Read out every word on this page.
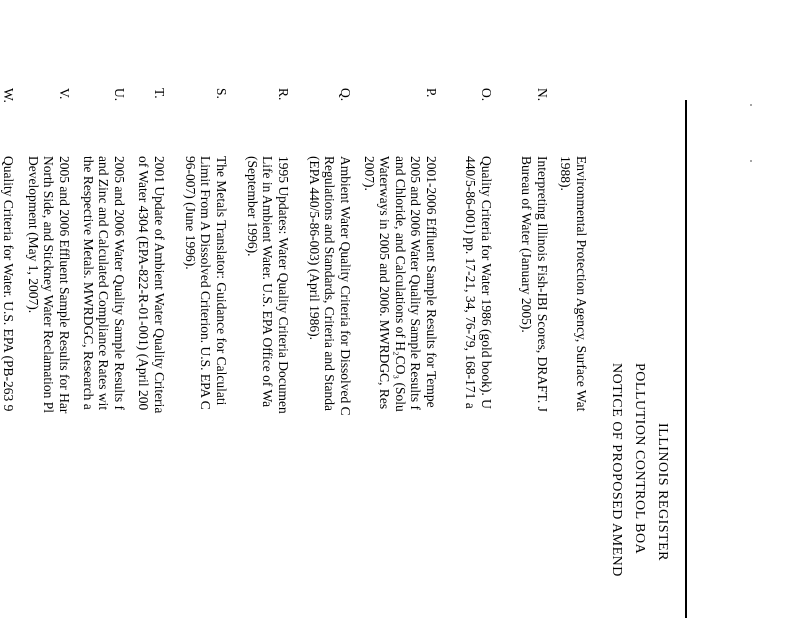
ILLINOIS REGISTER
POLLUTION CONTROL BOA
NOTICE OF PROPOSED AMEND
Environmental Protection Agency, Surface Wat
1988).
N.
Interpreting Illinois Fish-IBI Scores, DRAFT. J
Bureau of Water (January 2005).
O.
Quality Criteria for Water 1986 (gold book). U
440/5-86-001) pp. 17-21, 34, 76-79, 168-171 a
P.
2001-2006 Effluent Sample Results for Tempe
2005 and 2006 Water Quality Sample Results f
and Chloride, and Calculations of H₂CO₃ (Solu
Waterways in 2005 and 2006. MWRDGC, Res
2007).
Q.
Ambient Water Quality Criteria for Dissolved C
Regulations and Standards, Criteria and Standa
(EPA 440/5-86-003) (April 1986).
R.
1995 Updates: Water Quality Criteria Documen
Life in Ambient Water. U.S. EPA Office of Wa
(September 1996).
S.
The Metals Translator: Guidance for Calculati
Limit From A Dissolved Criterion. U.S. EPA C
96-007) (June 1996).
T.
2001 Update of Ambient Water Quality Criteria
of Water 4304 (EPA-822-R-01-001) (April 200
U.
2005 and 2006 Water Quality Sample Results f
and Zinc and Calculated Compliance Rates wit
the Respective Metals. MWRDGC, Research a
V.
2005 and 2006 Effluent Sample Results for Har
North Side, and Stickney Water Reclamation Pl
Development (May 1, 2007).
W.
Quality Criteria for Water. U.S. EPA (PB-263 9
